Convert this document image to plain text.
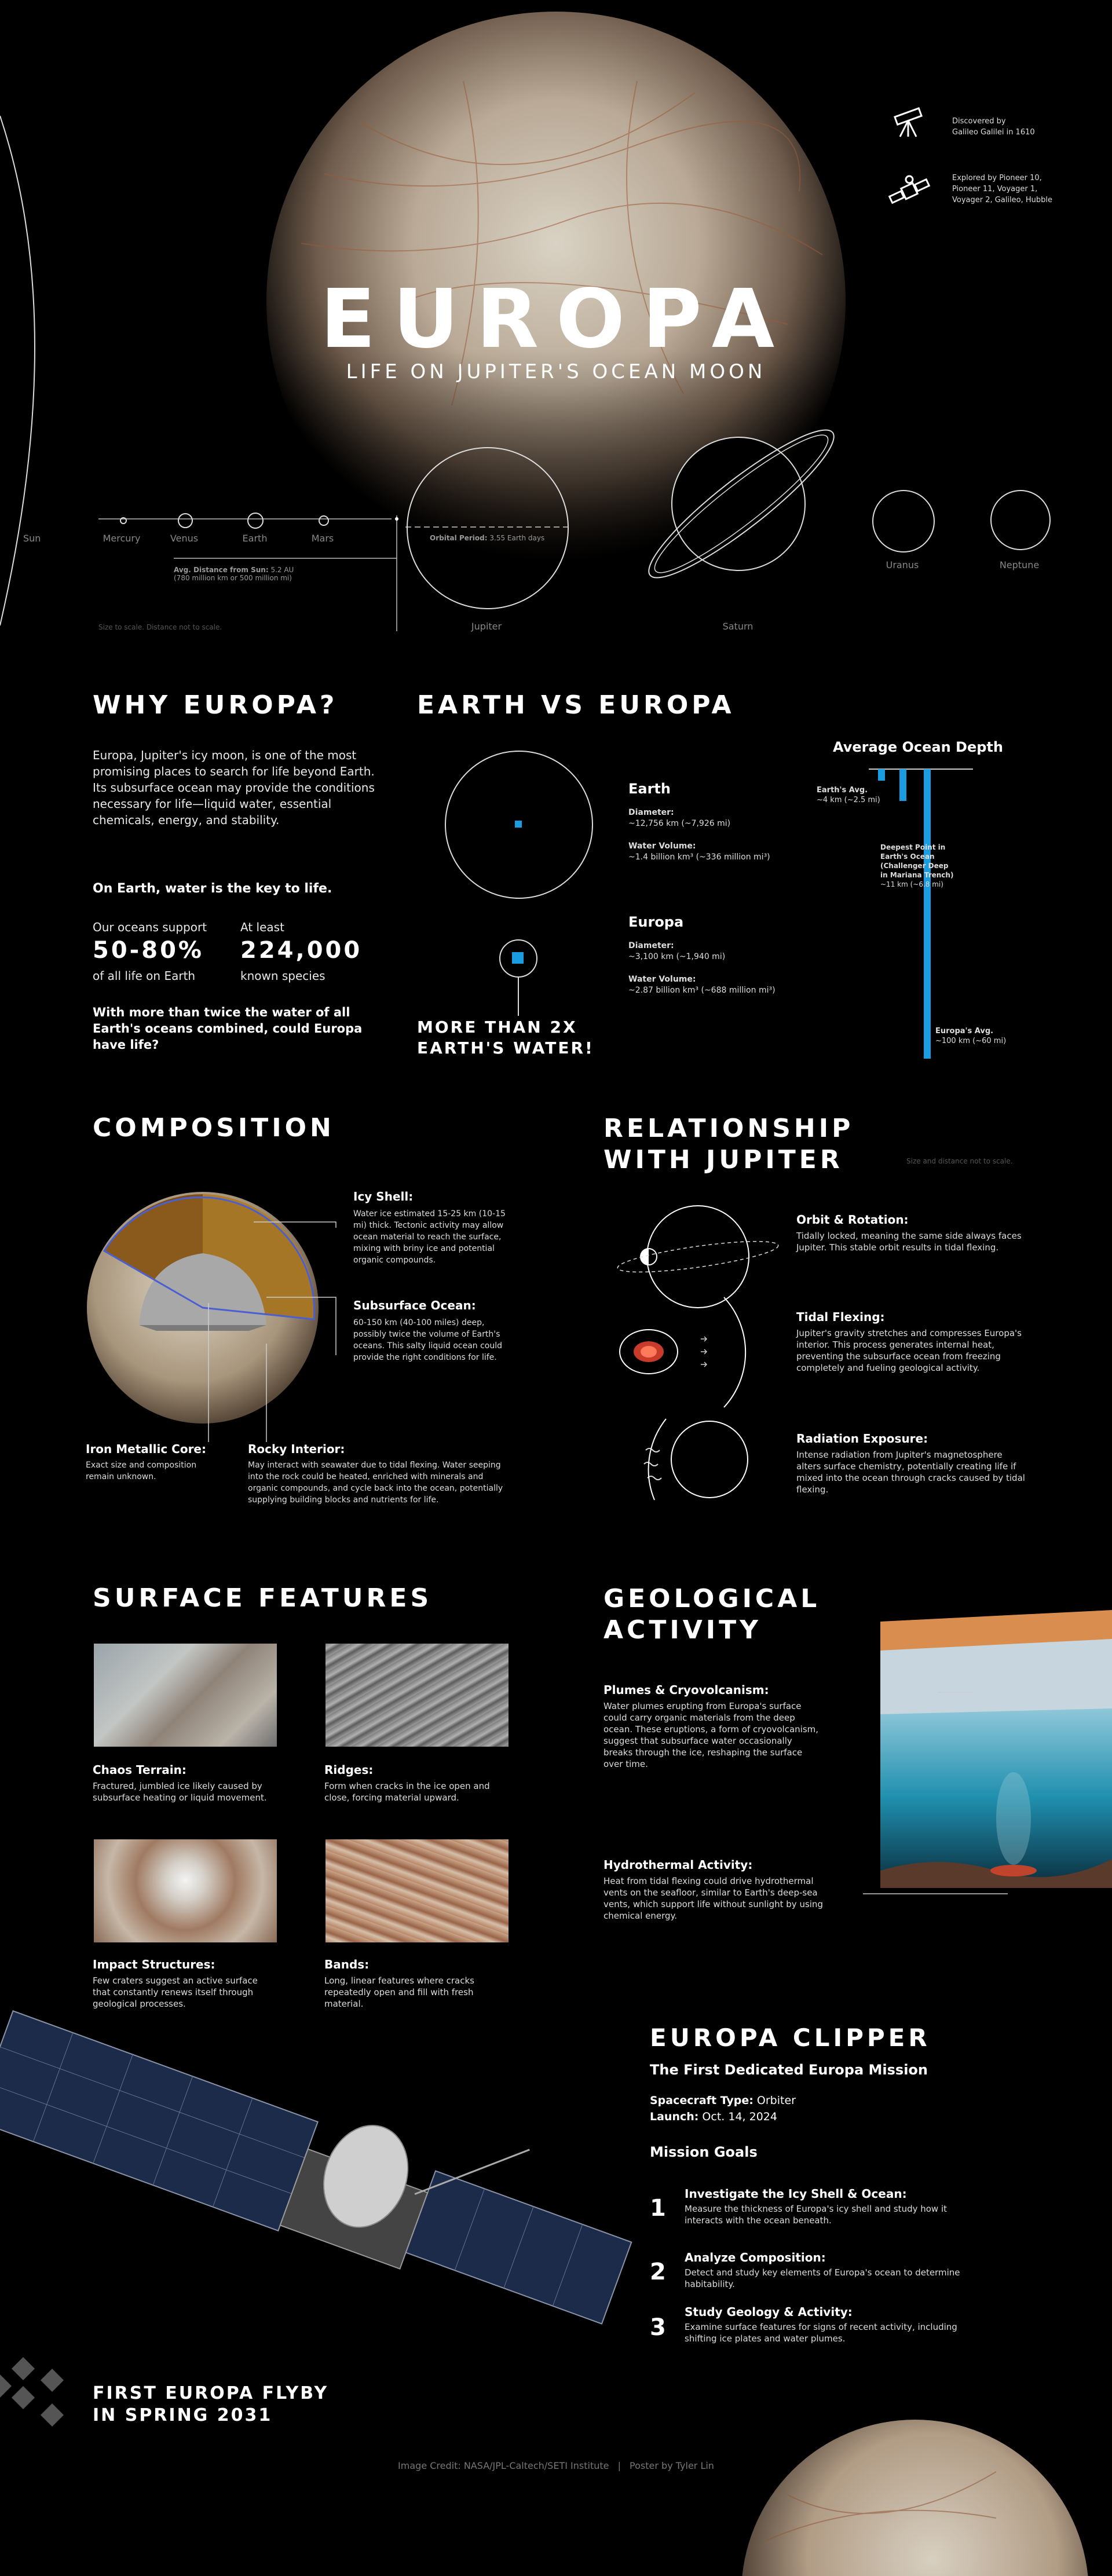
EUROPA
LIFE ON JUPITER'S OCEAN MOON
Discovered by
Galileo Galilei in 1610
Explored by Pioneer 10,
Pioneer 11, Voyager 1,
Voyager 2, Galileo, Hubble
Sun	Mercury	Venus	Earth	Mars
Avg. Distance from Sun: 5.2 AU
(780 million km or 500 million mi)
Orbital Period: 3.55 Earth days
Jupiter	Saturn
Uranus	Neptune
Size to scale. Distance not to scale.
WHY EUROPA?
Europa, Jupiter's icy moon, is one of the most promising places to search for life beyond Earth. Its subsurface ocean may provide the conditions necessary for life—liquid water, essential chemicals, energy, and stability.
On Earth, water is the key to life.
Our oceans support
50-80%
of all life on Earth
At least
224,000
known species
With more than twice the water of all Earth's oceans combined, could Europa have life?
EARTH VS EUROPA
MORE THAN 2X
EARTH'S WATER!
Earth
Diameter:
~12,756 km (~7,926 mi)
Water Volume:
~1.4 billion km³ (~336 million mi³)
Europa
Diameter:
~3,100 km (~1,940 mi)
Water Volume:
~2.87 billion km³ (~688 million mi³)
Average Ocean Depth
Earth's Avg.
~4 km (~2.5 mi)
Deepest Point in
Earth's Ocean
(Challenger Deep
in Mariana Trench)
~11 km (~6.8 mi)
Europa's Avg.
~100 km (~60 mi)
COMPOSITION
Icy Shell:
Water ice estimated 15-25 km (10-15 mi) thick. Tectonic activity may allow ocean material to reach the surface, mixing with briny ice and potential organic compounds.
Subsurface Ocean:
60-150 km (40-100 miles) deep, possibly twice the volume of Earth's oceans. This salty liquid ocean could provide the right conditions for life.
Iron Metallic Core:
Exact size and composition remain unknown.
Rocky Interior:
May interact with seawater due to tidal flexing. Water seeping into the rock could be heated, enriched with minerals and organic compounds, and cycle back into the ocean, potentially supplying building blocks and nutrients for life.
RELATIONSHIP
WITH JUPITER	Size and distance not to scale.
Orbit & Rotation:
Tidally locked, meaning the same side always faces Jupiter. This stable orbit results in tidal flexing.
Tidal Flexing:
Jupiter's gravity stretches and compresses Europa's interior. This process generates internal heat, preventing the subsurface ocean from freezing completely and fueling geological activity.
Radiation Exposure:
Intense radiation from Jupiter's magnetosphere alters surface chemistry, potentially creating life if mixed into the ocean through cracks caused by tidal flexing.
SURFACE FEATURES
Chaos Terrain:
Fractured, jumbled ice likely caused by subsurface heating or liquid movement.
Ridges:
Form when cracks in the ice open and close, forcing material upward.
Impact Structures:
Few craters suggest an active surface that constantly renews itself through geological processes.
Bands:
Long, linear features where cracks repeatedly open and fill with fresh material.
GEOLOGICAL
ACTIVITY
Plumes & Cryovolcanism:
Water plumes erupting from Europa's surface could carry organic materials from the deep ocean. These eruptions, a form of cryovolcanism, suggest that subsurface water occasionally breaks through the ice, reshaping the surface over time.
Hydrothermal Activity:
Heat from tidal flexing could drive hydrothermal vents on the seafloor, similar to Earth's deep-sea vents, which support life without sunlight by using chemical energy.
EUROPA CLIPPER
The First Dedicated Europa Mission
Spacecraft Type: Orbiter
Launch: Oct. 14, 2024
Mission Goals
1
Investigate the Icy Shell & Ocean:
Measure the thickness of Europa's icy shell and study how it interacts with the ocean beneath.
2
Analyze Composition:
Detect and study key elements of Europa's ocean to determine habitability.
3
Study Geology & Activity:
Examine surface features for signs of recent activity, including shifting ice plates and water plumes.
FIRST EUROPA FLYBY
IN SPRING 2031
Image Credit: NASA/JPL-Caltech/SETI Institute | Poster by Tyler Lin
